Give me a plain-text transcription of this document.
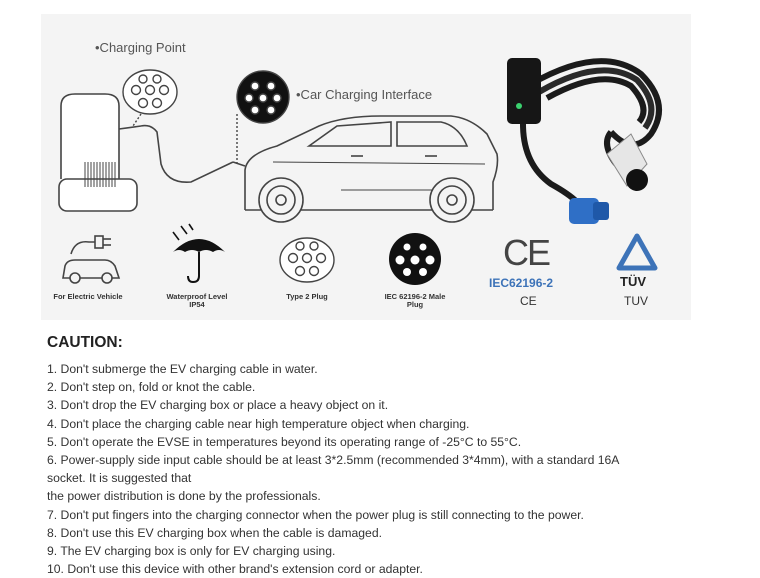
•Charging Point
•Car Charging Interface
For Electric Vehicle	Waterproof Level IP54
Type 2 Plug	IEC 62196-2 Male Plug
CE
IEC62196-2
CE
TÜV
TUV
CAUTION:
1. Don't submerge the EV charging cable in water.
2. Don't step on, fold or knot the cable.
3. Don't drop the EV charging box or place a heavy object on it.
4. Don't place the charging cable near high temperature object when charging.
5. Don't operate the EVSE in temperatures beyond its operating range of -25°C to 55°C.
6. Power-supply side input cable should be at least 3*2.5mm (recommended 3*4mm), with a standard 16A
socket. It is suggested that
the power distribution is done by the professionals.
7. Don't put fingers into the charging connector when the power plug is still connecting to the power.
8. Don't use this EV charging box when the cable is damaged.
9. The EV charging box is only for EV charging using.
10. Don't use this device with other brand's extension cord or adapter.
